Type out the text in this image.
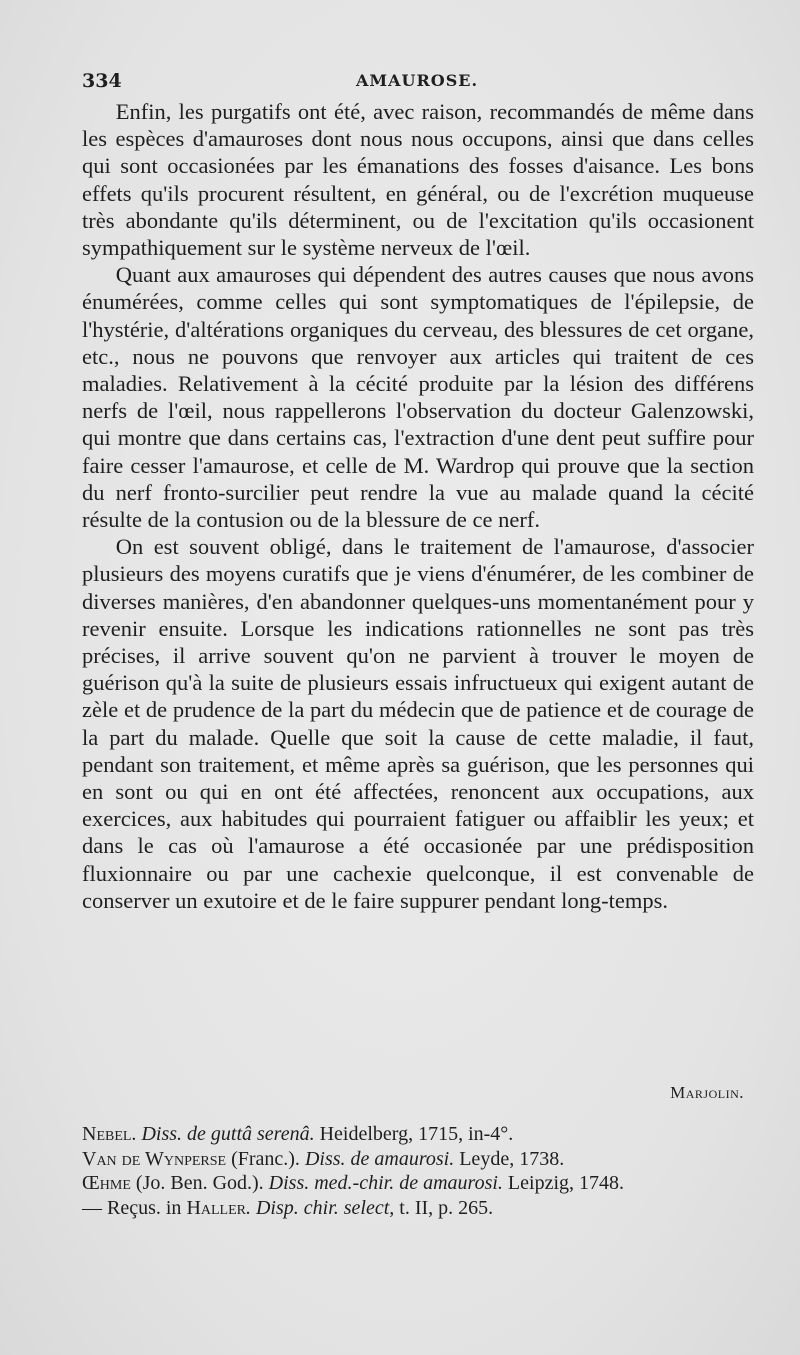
334	AMAUROSE.

Enfin, les purgatifs ont été, avec raison, recommandés de même dans les espèces d'amauroses dont nous nous occupons, ainsi que dans celles qui sont occasionées par les émanations des fosses d'aisance. Les bons effets qu'ils procurent résultent, en général, ou de l'excrétion muqueuse très abondante qu'ils déterminent, ou de l'excitation qu'ils occasionent sympathiquement sur le système nerveux de l'œil.

Quant aux amauroses qui dépendent des autres causes que nous avons énumérées, comme celles qui sont symptomatiques de l'épilepsie, de l'hystérie, d'altérations organiques du cerveau, des blessures de cet organe, etc., nous ne pouvons que renvoyer aux articles qui traitent de ces maladies. Relativement à la cécité produite par la lésion des différens nerfs de l'œil, nous rappellerons l'observation du docteur Galenzowski, qui montre que dans certains cas, l'extraction d'une dent peut suffire pour faire cesser l'amaurose, et celle de M. Wardrop qui prouve que la section du nerf fronto-surcilier peut rendre la vue au malade quand la cécité résulte de la contusion ou de la blessure de ce nerf.

On est souvent obligé, dans le traitement de l'amaurose, d'associer plusieurs des moyens curatifs que je viens d'énumérer, de les combiner de diverses manières, d'en abandonner quelques-uns momentanément pour y revenir ensuite. Lorsque les indications rationnelles ne sont pas très précises, il arrive souvent qu'on ne parvient à trouver le moyen de guérison qu'à la suite de plusieurs essais infructueux qui exigent autant de zèle et de prudence de la part du médecin que de patience et de courage de la part du malade. Quelle que soit la cause de cette maladie, il faut, pendant son traitement, et même après sa guérison, que les personnes qui en sont ou qui en ont été affectées, renoncent aux occupations, aux exercices, aux habitudes qui pourraient fatiguer ou affaiblir les yeux; et dans le cas où l'amaurose a été occasionée par une prédisposition fluxionnaire ou par une cachexie quelconque, il est convenable de conserver un exutoire et de le faire suppurer pendant long-temps.

Marjolin.
Nebel. Diss. de guttâ serenâ. Heidelberg, 1715, in-4°.
Van de Wynperse (Franc.). Diss. de amaurosi. Leyde, 1738.
Œhme (Jo. Ben. God.). Diss. med.-chir. de amaurosi. Leipzig, 1748.
— Reçus. in Haller. Disp. chir. select, t. II, p. 265.
